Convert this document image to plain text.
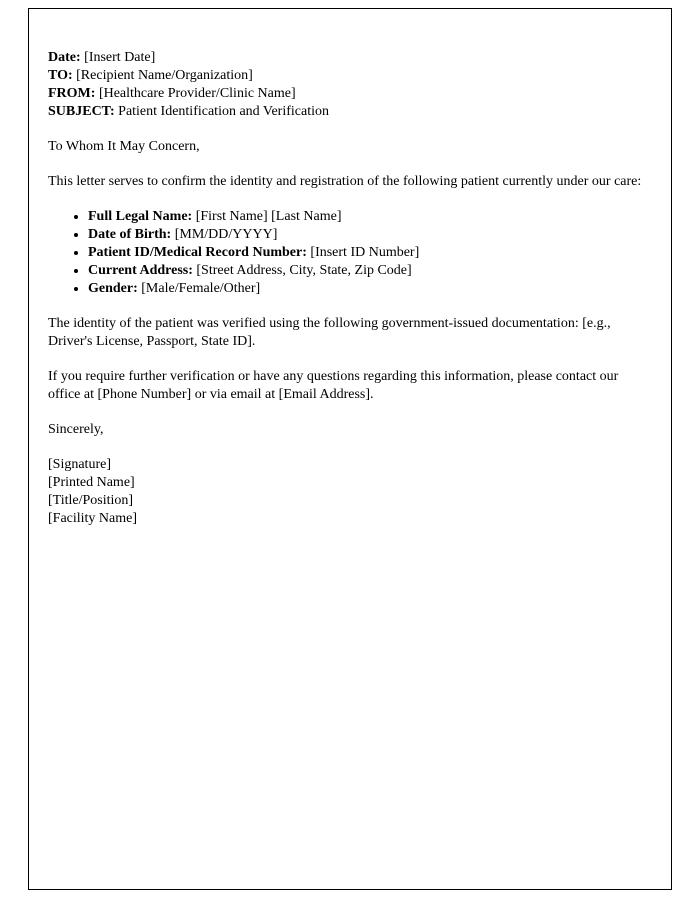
Date: [Insert Date]

TO: [Recipient Name/Organization]

FROM: [Healthcare Provider/Clinic Name]

SUBJECT: Patient Identification and Verification

To Whom It May Concern,

This letter serves to confirm the identity and registration of the following patient currently under our care:

• Full Legal Name: [First Name] [Last Name]
• Date of Birth: [MM/DD/YYYY]
• Patient ID/Medical Record Number: [Insert ID Number]
• Current Address: [Street Address, City, State, Zip Code]
• Gender: [Male/Female/Other]

The identity of the patient was verified using the following government-issued documentation: [e.g., Driver's License, Passport, State ID].

If you require further verification or have any questions regarding this information, please contact our office at [Phone Number] or via email at [Email Address].

Sincerely,

[Signature]

[Printed Name]

[Title/Position]

[Facility Name]
